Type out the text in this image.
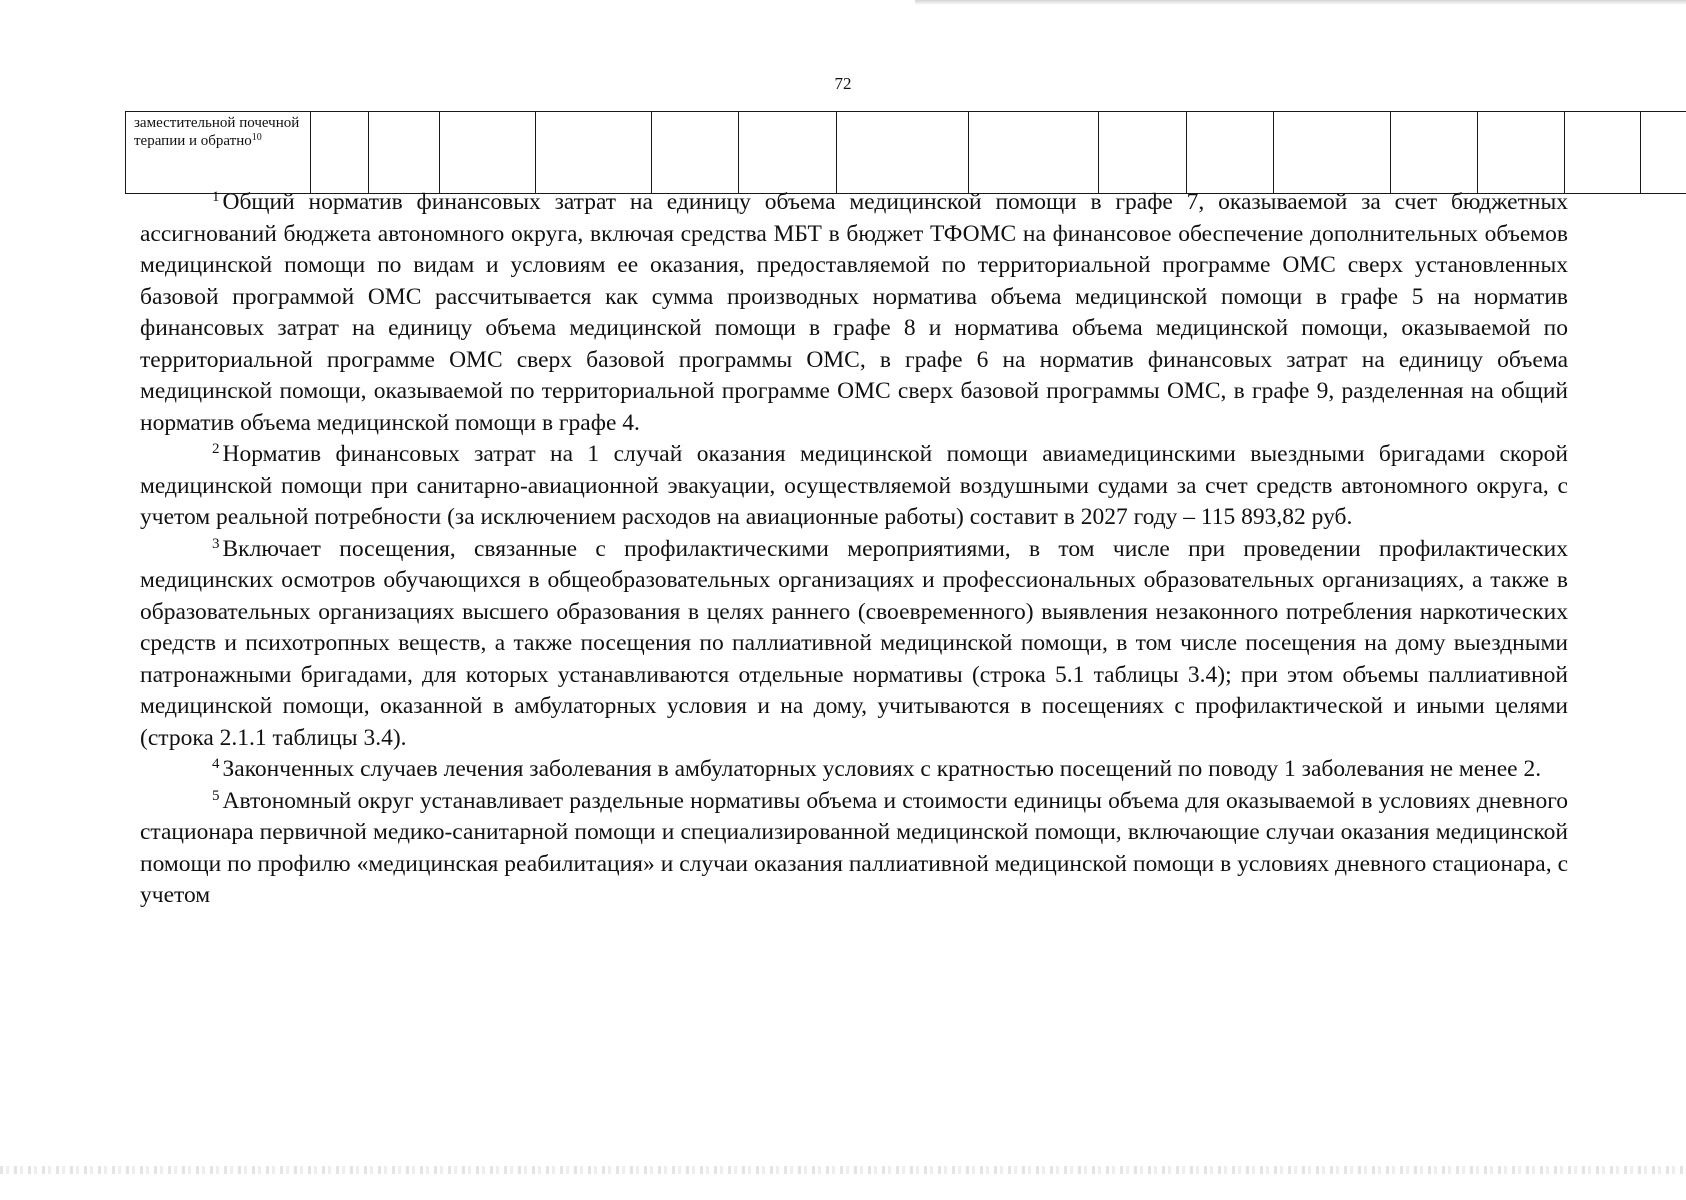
72
заместительной почечной терапии и обратно$^{10}$															

$^1$ Общий норматив финансовых затрат на единицу объема медицинской помощи в графе 7, оказываемой за счет бюджетных ассигнований бюджета автономного округа, включая средства МБТ в бюджет ТФОМС на финансовое обеспечение дополнительных объемов медицинской помощи по видам и условиям ее оказания, предоставляемой по территориальной программе ОМС сверх установленных базовой программой ОМС рассчитывается как сумма производных норматива объема медицинской помощи в графе 5 на норматив финансовых затрат на единицу объема медицинской помощи в графе 8 и норматива объема медицинской помощи, оказываемой по территориальной программе ОМС сверх базовой программы ОМС, в графе 6 на норматив финансовых затрат на единицу объема медицинской помощи, оказываемой по территориальной программе ОМС сверх базовой программы ОМС, в графе 9, разделенная на общий норматив объема медицинской помощи в графе 4.

$^2$ Норматив финансовых затрат на 1 случай оказания медицинской помощи авиамедицинскими выездными бригадами скорой медицинской помощи при санитарно-авиационной эвакуации, осуществляемой воздушными судами за счет средств автономного округа, с учетом реальной потребности (за исключением расходов на авиационные работы) составит в 2027 году – 115 893,82 руб.

$^3$ Включает посещения, связанные с профилактическими мероприятиями, в том числе при проведении профилактических медицинских осмотров обучающихся в общеобразовательных организациях и профессиональных образовательных организациях, а также в образовательных организациях высшего образования в целях раннего (своевременного) выявления незаконного потребления наркотических средств и психотропных веществ, а также посещения по паллиативной медицинской помощи, в том числе посещения на дому выездными патронажными бригадами, для которых устанавливаются отдельные нормативы (строка 5.1 таблицы 3.4); при этом объемы паллиативной медицинской помощи, оказанной в амбулаторных условия и на дому, учитываются в посещениях с профилактической и иными целями (строка 2.1.1 таблицы 3.4).

$^4$ Законченных случаев лечения заболевания в амбулаторных условиях с кратностью посещений по поводу 1 заболевания не менее 2.

$^5$ Автономный округ устанавливает раздельные нормативы объема и стоимости единицы объема для оказываемой в условиях дневного стационара первичной медико-санитарной помощи и специализированной медицинской помощи, включающие случаи оказания медицинской помощи по профилю «медицинская реабилитация» и случаи оказания паллиативной медицинской помощи в условиях дневного стационара, с учетом
